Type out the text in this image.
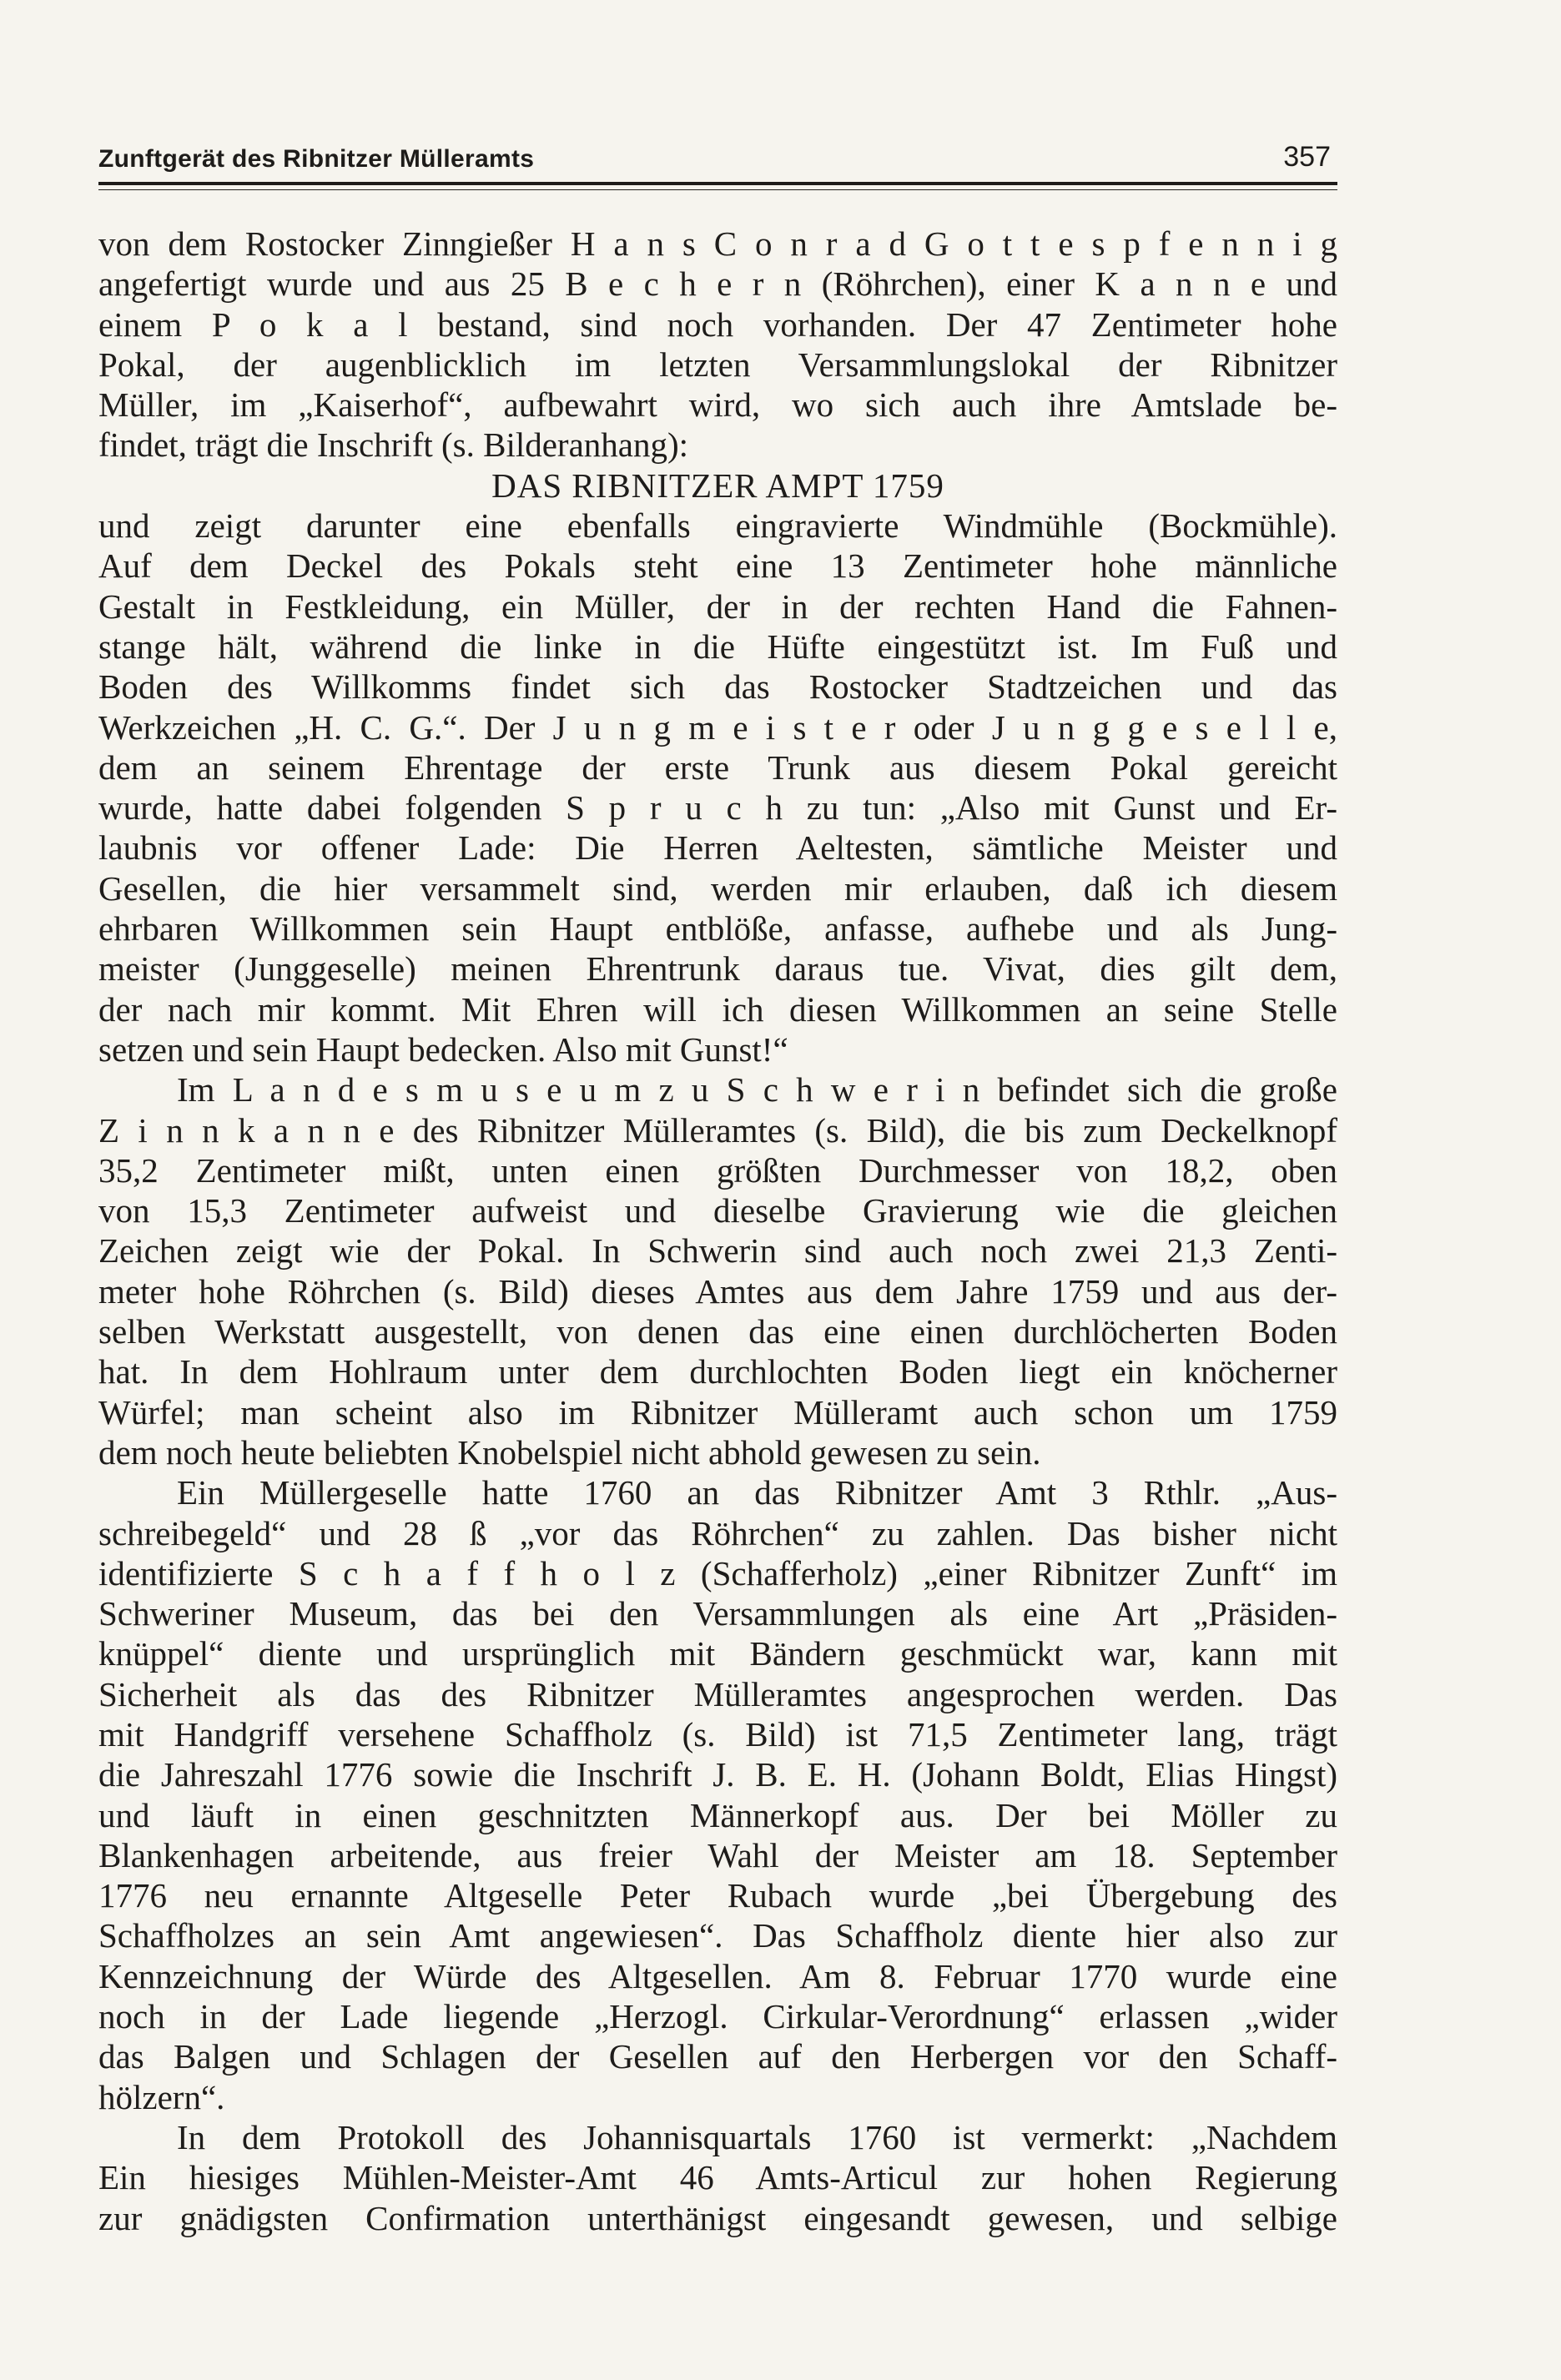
Zunftgerät des Ribnitzer Mülleramts	357
von dem Rostocker Zinngießer H a n s C o n r a d G o t t e s p f e n n i g
angefertigt wurde und aus 25 B e c h e r n (Röhrchen), einer K a n n e und
einem P o k a l bestand, sind noch vorhanden. Der 47 Zentimeter hohe
Pokal, der augenblicklich im letzten Versammlungslokal der Ribnitzer
Müller, im „Kaiserhof“, aufbewahrt wird, wo sich auch ihre Amtslade be-
findet, trägt die Inschrift (s. Bilderanhang):
DAS RIBNITZER AMPT 1759
und zeigt darunter eine ebenfalls eingravierte Windmühle (Bockmühle).
Auf dem Deckel des Pokals steht eine 13 Zentimeter hohe männliche
Gestalt in Festkleidung, ein Müller, der in der rechten Hand die Fahnen-
stange hält, während die linke in die Hüfte eingestützt ist. Im Fuß und
Boden des Willkomms findet sich das Rostocker Stadtzeichen und das
Werkzeichen „H. C. G.“. Der J u n g m e i s t e r oder J u n g g e s e l l e,
dem an seinem Ehrentage der erste Trunk aus diesem Pokal gereicht
wurde, hatte dabei folgenden S p r u c h zu tun: „Also mit Gunst und Er-
laubnis vor offener Lade: Die Herren Aeltesten, sämtliche Meister und
Gesellen, die hier versammelt sind, werden mir erlauben, daß ich diesem
ehrbaren Willkommen sein Haupt entblöße, anfasse, aufhebe und als Jung-
meister (Junggeselle) meinen Ehrentrunk daraus tue. Vivat, dies gilt dem,
der nach mir kommt. Mit Ehren will ich diesen Willkommen an seine Stelle
setzen und sein Haupt bedecken. Also mit Gunst!“
Im L a n d e s m u s e u m z u S c h w e r i n befindet sich die große
Z i n n k a n n e des Ribnitzer Mülleramtes (s. Bild), die bis zum Deckelknopf
35,2 Zentimeter mißt, unten einen größten Durchmesser von 18,2, oben
von 15,3 Zentimeter aufweist und dieselbe Gravierung wie die gleichen
Zeichen zeigt wie der Pokal. In Schwerin sind auch noch zwei 21,3 Zenti-
meter hohe Röhrchen (s. Bild) dieses Amtes aus dem Jahre 1759 und aus der-
selben Werkstatt ausgestellt, von denen das eine einen durchlöcherten Boden
hat. In dem Hohlraum unter dem durchlochten Boden liegt ein knöcherner
Würfel; man scheint also im Ribnitzer Mülleramt auch schon um 1759
dem noch heute beliebten Knobelspiel nicht abhold gewesen zu sein.
Ein Müllergeselle hatte 1760 an das Ribnitzer Amt 3 Rthlr. „Aus-
schreibegeld“ und 28 ß „vor das Röhrchen“ zu zahlen. Das bisher nicht
identifizierte S c h a f f h o l z (Schafferholz) „einer Ribnitzer Zunft“ im
Schweriner Museum, das bei den Versammlungen als eine Art „Präsiden-
knüppel“ diente und ursprünglich mit Bändern geschmückt war, kann mit
Sicherheit als das des Ribnitzer Mülleramtes angesprochen werden. Das
mit Handgriff versehene Schaffholz (s. Bild) ist 71,5 Zentimeter lang, trägt
die Jahreszahl 1776 sowie die Inschrift J. B. E. H. (Johann Boldt, Elias Hingst)
und läuft in einen geschnitzten Männerkopf aus. Der bei Möller zu
Blankenhagen arbeitende, aus freier Wahl der Meister am 18. September
1776 neu ernannte Altgeselle Peter Rubach wurde „bei Übergebung des
Schaffholzes an sein Amt angewiesen“. Das Schaffholz diente hier also zur
Kennzeichnung der Würde des Altgesellen. Am 8. Februar 1770 wurde eine
noch in der Lade liegende „Herzogl. Cirkular-Verordnung“ erlassen „wider
das Balgen und Schlagen der Gesellen auf den Herbergen vor den Schaff-
hölzern“.
In dem Protokoll des Johannisquartals 1760 ist vermerkt: „Nachdem
Ein hiesiges Mühlen-Meister-Amt 46 Amts-Articul zur hohen Regierung
zur gnädigsten Confirmation unterthänigst eingesandt gewesen, und selbige
